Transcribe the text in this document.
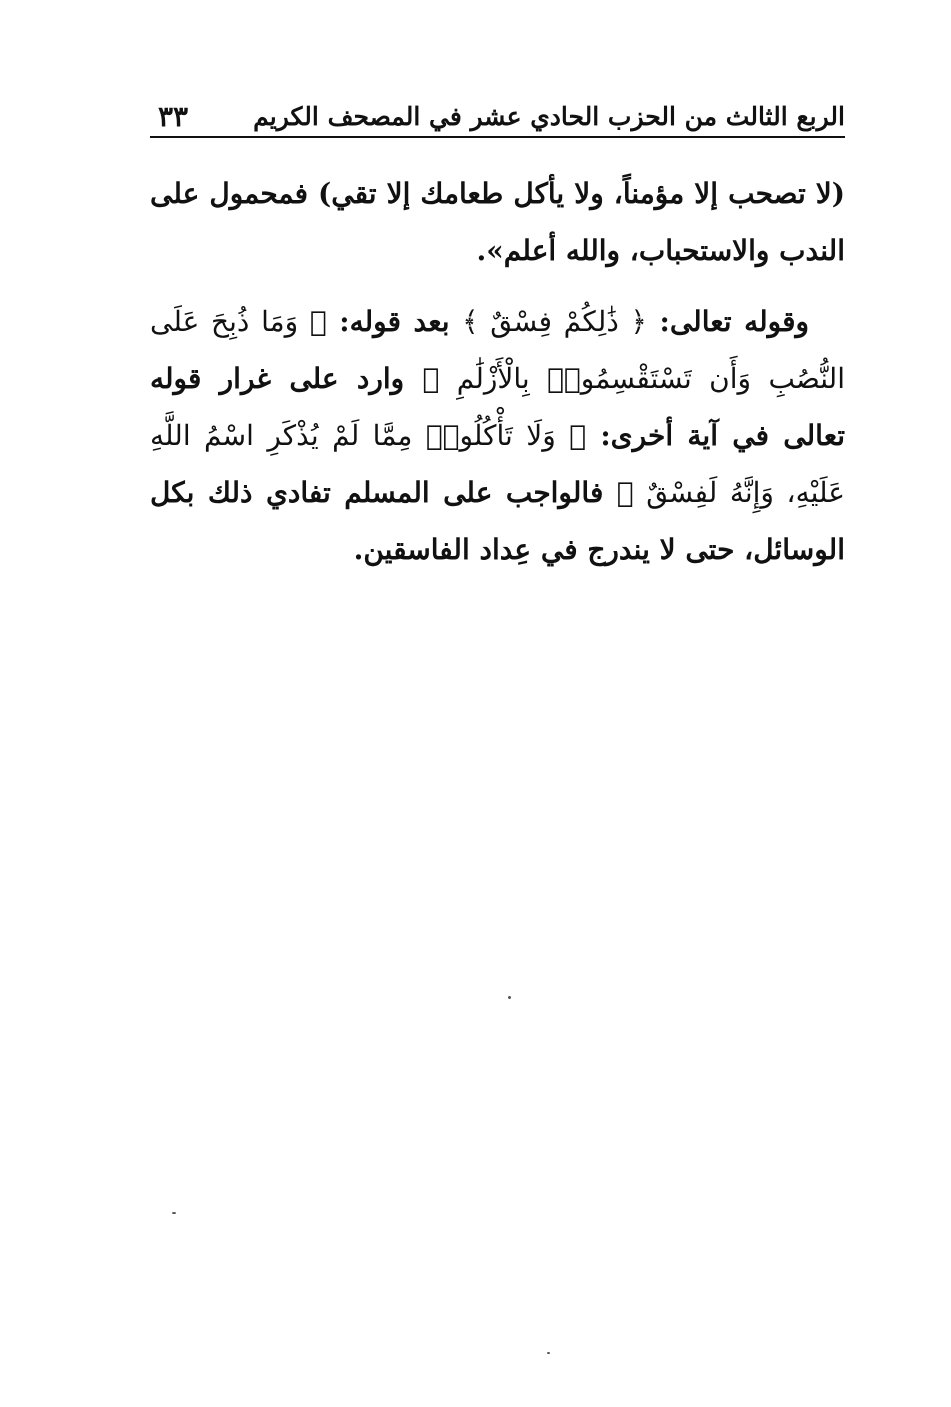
الربع الثالث من الحزب الحادي عشر في المصحف الكريم
٣٣

(لا تصحب إلا مؤمناً، ولا يأكل طعامك إلا تقي) فمحمول على الندب والاستحباب، والله أعلم».

وقوله تعالى: ﴿ ذَٰلِكُمْ فِسْقٌ ﴾ بعد قوله: ﴿ وَمَا ذُبِحَ عَلَى النُّصُبِ وَأَن تَسْتَقْسِمُوا۟ بِالْأَزْلَٰمِ ﴾ وارد على غرار قوله تعالى في آية أخرى: ﴿ وَلَا تَأْكُلُوا۟ مِمَّا لَمْ يُذْكَرِ اسْمُ اللَّهِ عَلَيْهِ، وَإِنَّهُ لَفِسْقٌ ﴾ فالواجب على المسلم تفادي ذلك بكل الوسائل، حتى لا يندرج في عِداد الفاسقين.
